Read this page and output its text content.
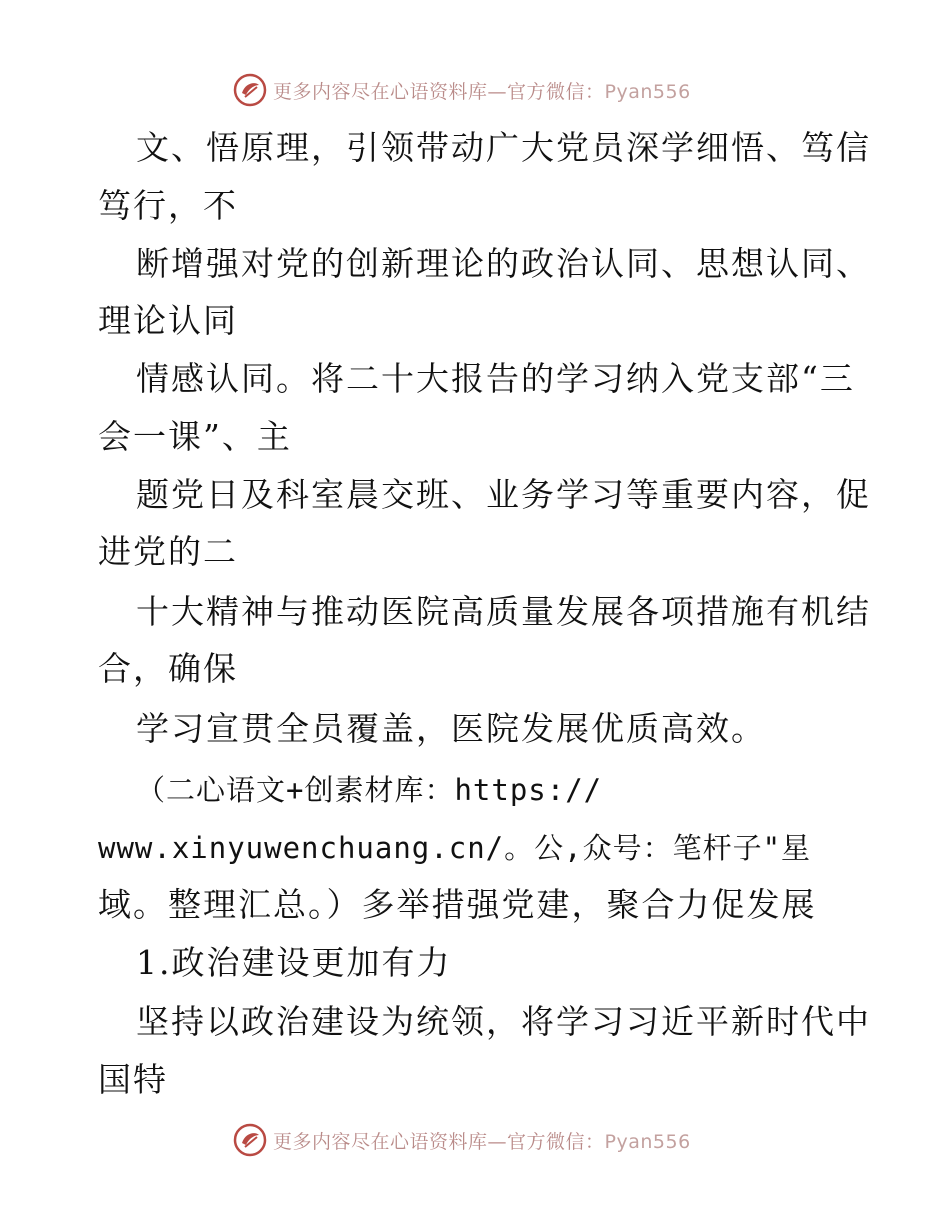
更多内容尽在心语资料库—官方微信：Pyan556
文、悟原理，引领带动广大党员深学细悟、笃信
笃行，不
断增强对党的创新理论的政治认同、思想认同、
理论认同
情感认同。将二十大报告的学习纳入党支部“三
会一课”、主
题党日及科室晨交班、业务学习等重要内容，促
进党的二
十大精神与推动医院高质量发展各项措施有机结
合，确保
学习宣贯全员覆盖，医院发展优质高效。
（二心语文+创素材库：https://
www.xinyuwenchuang.cn/。公,众号：笔杆子"星
域。整理汇总。）多举措强党建，聚合力促发展
1.政治建设更加有力
坚持以政治建设为统领，将学习习近平新时代中
国特
更多内容尽在心语资料库—官方微信：Pyan556
